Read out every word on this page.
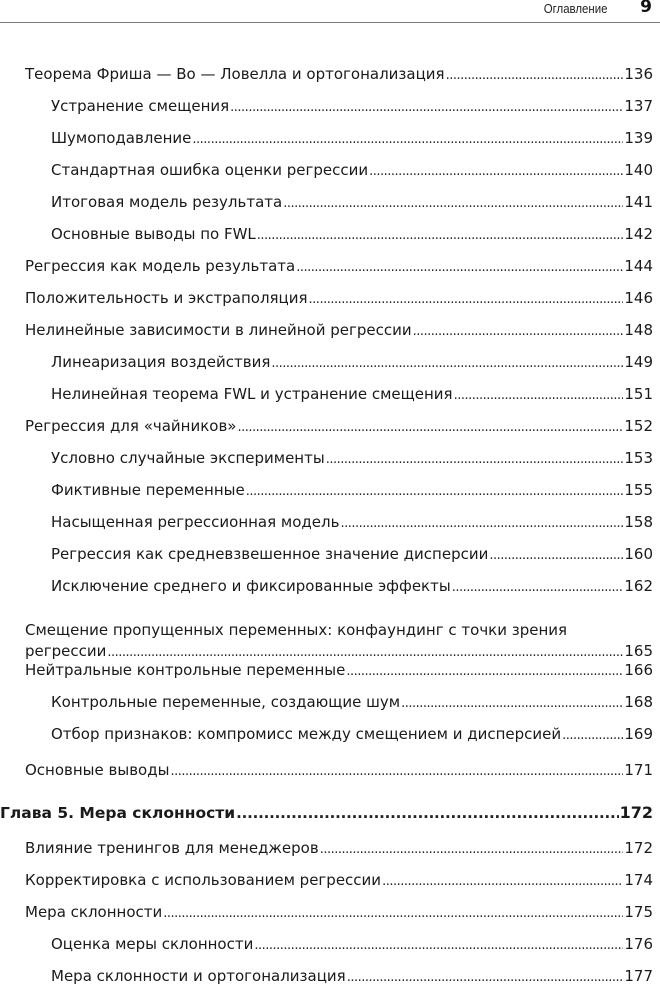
Оглавление 9
Теорема Фриша — Во — Ловелла и ортогонализация .....	136
Устранение смещения .....	137
Шумоподавление .....	139
Стандартная ошибка оценки регрессии .....	140
Итоговая модель результата .....	141
Основные выводы по FWL .....	142
Регрессия как модель результата .....	144
Положительность и экстраполяция .....	146
Нелинейные зависимости в линейной регрессии .....	148
Линеаризация воздействия .....	149
Нелинейная теорема FWL и устранение смещения .....	151
Регрессия для «чайников» .....	152
Условно случайные эксперименты .....	153
Фиктивные переменные .....	155
Насыщенная регрессионная модель .....	158
Регрессия как средневзвешенное значение дисперсии .....	160
Исключение среднего и фиксированные эффекты .....	162
Смещение пропущенных переменных: конфаундинг с точки зрения
регрессии .....	165
Нейтральные контрольные переменные .....	166
Контрольные переменные, создающие шум .....	168
Отбор признаков: компромисс между смещением и дисперсией .....	169
Основные выводы .....	171
Глава 5. Мера склонности .....	172
Влияние тренингов для менеджеров .....	172
Корректировка с использованием регрессии .....	174
Мера склонности .....	175
Оценка меры склонности .....	176
Мера склонности и ортогонализация .....	177
